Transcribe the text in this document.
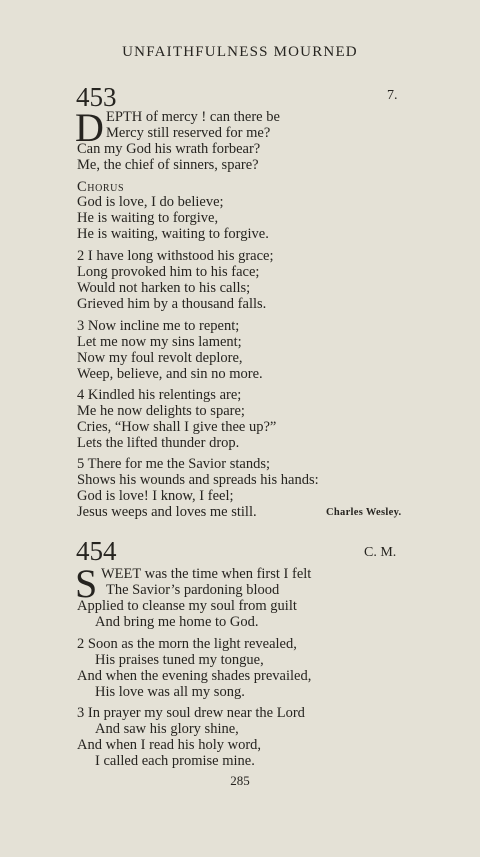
UNFAITHFULNESS MOURNED
453	7.
D EPTH of mercy ! can there be
Mercy still reserved for me?
Can my God his wrath forbear?
Me, the chief of sinners, spare?
Chorus
God is love, I do believe;
He is waiting to forgive,
He is waiting, waiting to forgive.
2 I have long withstood his grace;
Long provoked him to his face;
Would not harken to his calls;
Grieved him by a thousand falls.
3 Now incline me to repent;
Let me now my sins lament;
Now my foul revolt deplore,
Weep, believe, and sin no more.
4 Kindled his relentings are;
Me he now delights to spare;
Cries, “How shall I give thee up?”
Lets the lifted thunder drop.
5 There for me the Savior stands;
Shows his wounds and spreads his hands:
God is love! I know, I feel;
Jesus weeps and loves me still.	Charles Wesley.
454	C. M.
S WEET was the time when first I felt
The Savior’s pardoning blood
Applied to cleanse my soul from guilt
And bring me home to God.
2 Soon as the morn the light revealed,
His praises tuned my tongue,
And when the evening shades prevailed,
His love was all my song.
3 In prayer my soul drew near the Lord
And saw his glory shine,
And when I read his holy word,
I called each promise mine.
285
